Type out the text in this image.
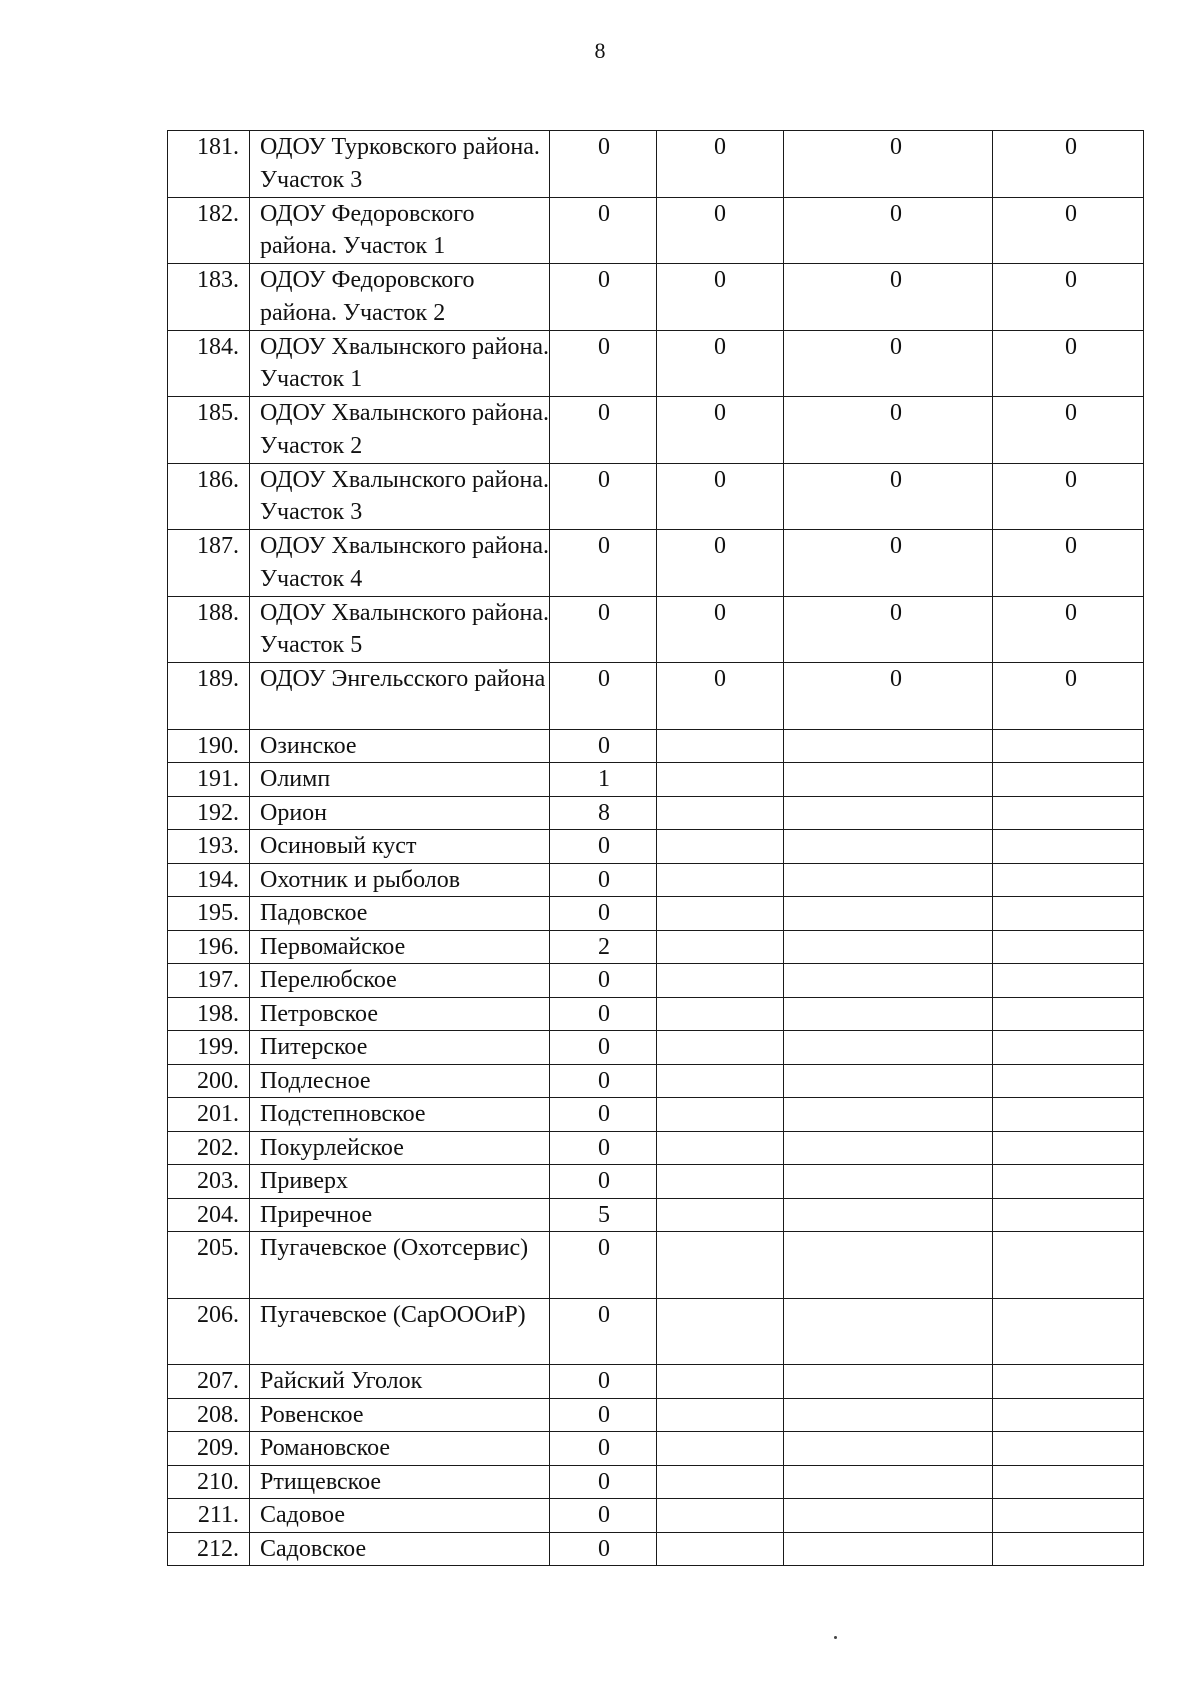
8
181.	ОДОУ Турковского района. Участок 3	0	0	0	0
182.	ОДОУ Федоровского района. Участок 1	0	0	0	0
183.	ОДОУ Федоровского района. Участок 2	0	0	0	0
184.	ОДОУ Хвалынского района. Участок 1	0	0	0	0
185.	ОДОУ Хвалынского района. Участок 2	0	0	0	0
186.	ОДОУ Хвалынского района. Участок 3	0	0	0	0
187.	ОДОУ Хвалынского района. Участок 4	0	0	0	0
188.	ОДОУ Хвалынского района. Участок 5	0	0	0	0
189.	ОДОУ Энгельсского района	0	0	0	0
190.	Озинское	0			
191.	Олимп	1			
192.	Орион	8			
193.	Осиновый куст	0			
194.	Охотник и рыболов	0			
195.	Падовское	0			
196.	Первомайское	2			
197.	Перелюбское	0			
198.	Петровское	0			
199.	Питерское	0			
200.	Подлесное	0			
201.	Подстепновское	0			
202.	Покурлейское	0			
203.	Приверх	0			
204.	Приречное	5			
205.	Пугачевское (Охотсервис)	0			
206.	Пугачевское (СарОООиР)	0			
207.	Райский Уголок	0			
208.	Ровенское	0			
209.	Романовское	0			
210.	Ртищевское	0			
211.	Садовое	0			
212.	Садовское	0			
